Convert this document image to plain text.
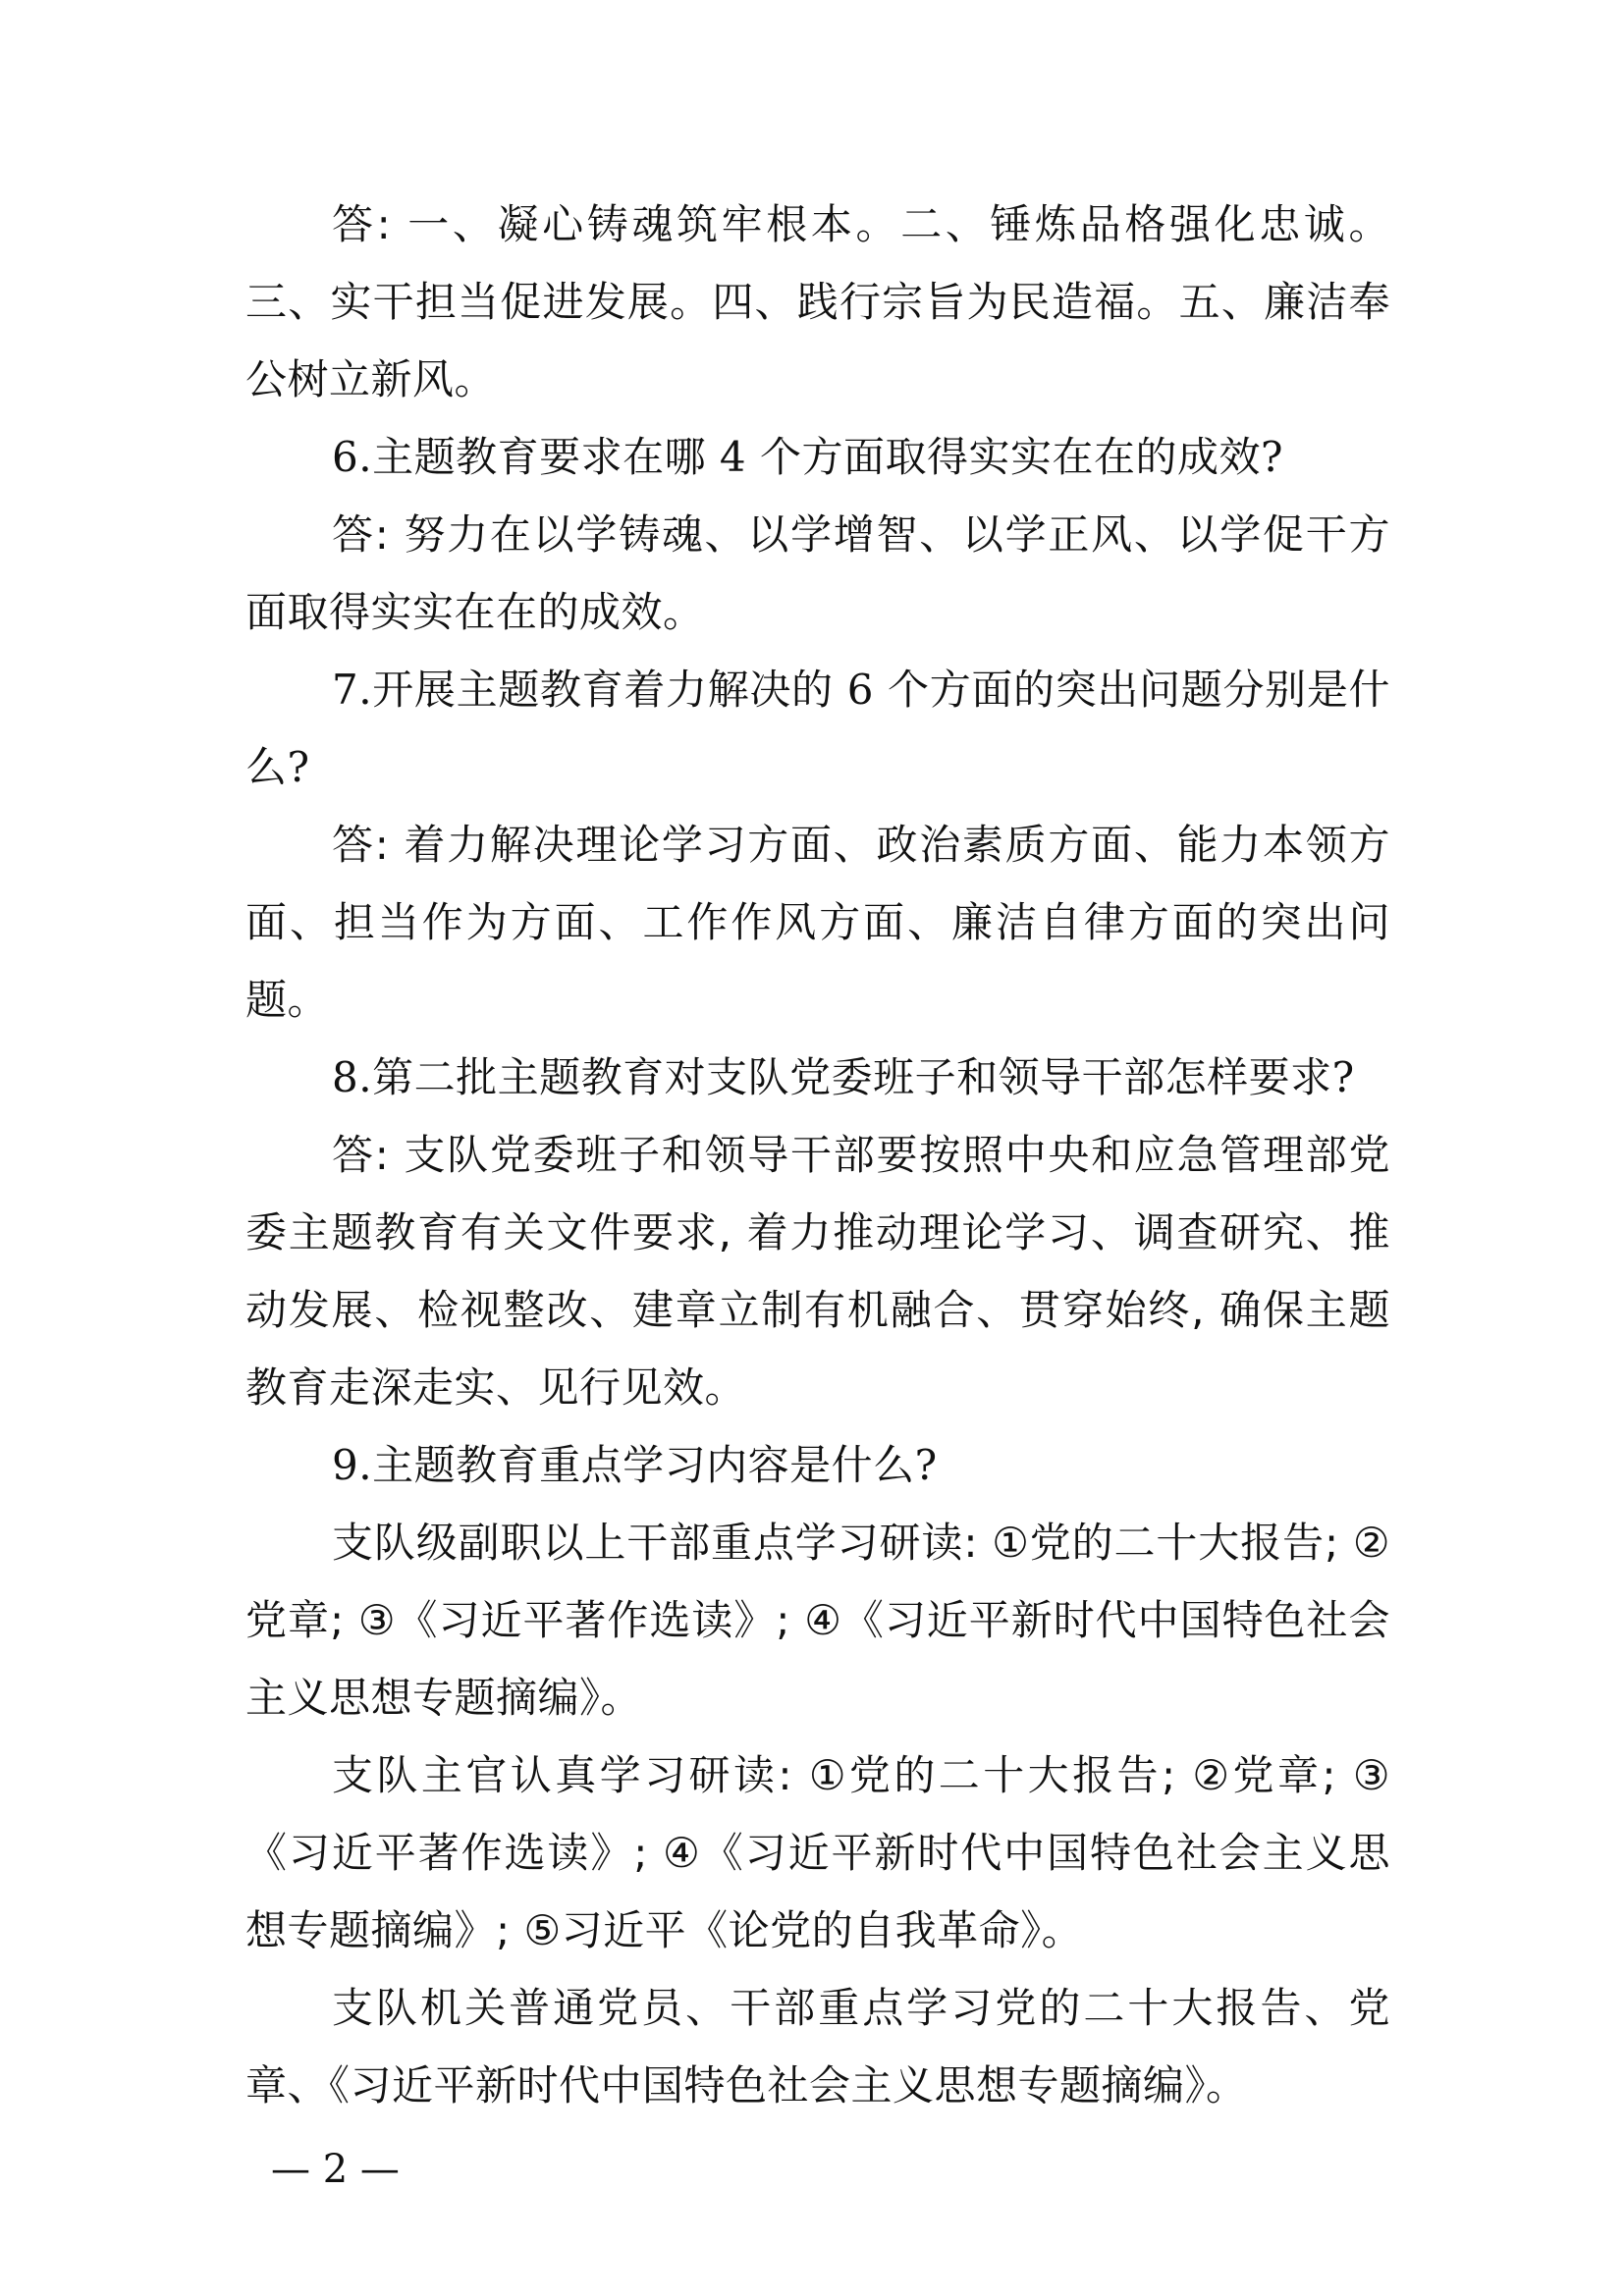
答: 一、凝心铸魂筑牢根本。二、锤炼品格强化忠诚。三、实干担当促进发展。四、践行宗旨为民造福。五、廉洁奉公树立新风。

6.主题教育要求在哪 4 个方面取得实实在在的成效?

答: 努力在以学铸魂、以学增智、以学正风、以学促干方面取得实实在在的成效。

7.开展主题教育着力解决的 6 个方面的突出问题分别是什么?

答: 着力解决理论学习方面、政治素质方面、能力本领方面、担当作为方面、工作作风方面、廉洁自律方面的突出问题。

8.第二批主题教育对支队党委班子和领导干部怎样要求?

答: 支队党委班子和领导干部要按照中央和应急管理部党委主题教育有关文件要求, 着力推动理论学习、调查研究、推动发展、检视整改、建章立制有机融合、贯穿始终, 确保主题教育走深走实、见行见效。

9.主题教育重点学习内容是什么?

支队级副职以上干部重点学习研读: ①党的二十大报告; ②党章; ③《习近平著作选读》; ④《习近平新时代中国特色社会主义思想专题摘编》。

支队主官认真学习研读: ①党的二十大报告; ②党章; ③《习近平著作选读》; ④《习近平新时代中国特色社会主义思想专题摘编》; ⑤习近平《论党的自我革命》。

支队机关普通党员、干部重点学习党的二十大报告、党章、《习近平新时代中国特色社会主义思想专题摘编》。

— 2 —
